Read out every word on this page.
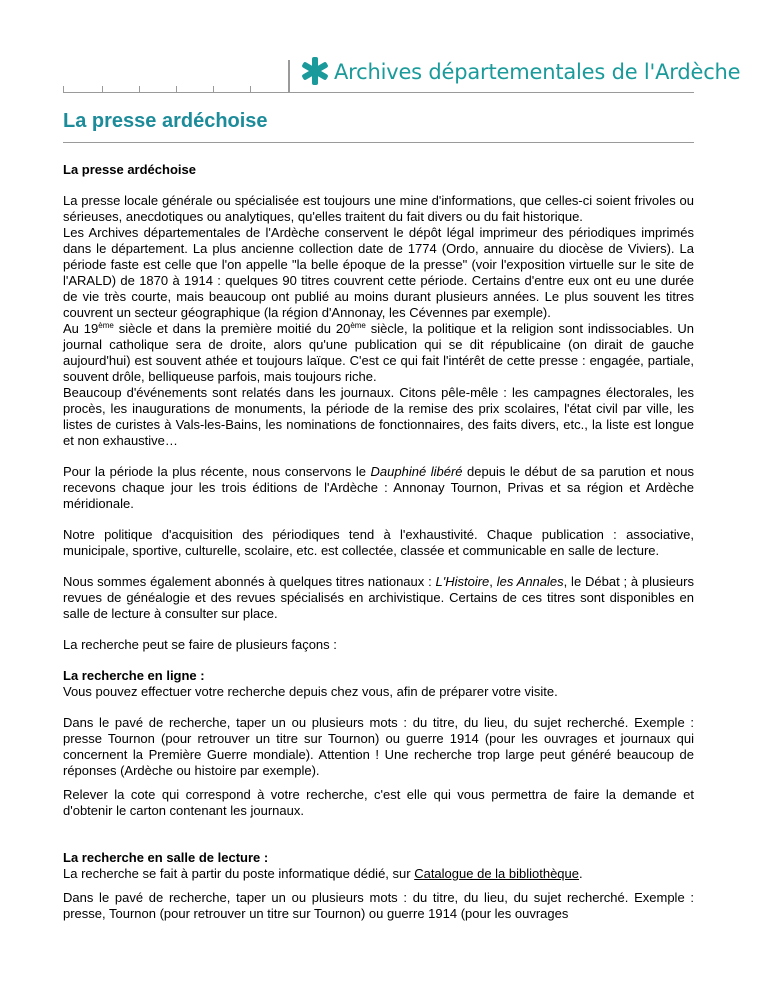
Archives départementales de l'Ardèche
La presse ardéchoise

La presse ardéchoise

La presse locale générale ou spécialisée est toujours une mine d'informations, que celles-ci soient frivoles ou sérieuses, anecdotiques ou analytiques, qu'elles traitent du fait divers ou du fait historique.
Les Archives départementales de l'Ardèche conservent le dépôt légal imprimeur des périodiques imprimés dans le département. La plus ancienne collection date de 1774 (Ordo, annuaire du diocèse de Viviers). La période faste est celle que l'on appelle "la belle époque de la presse" (voir l'exposition virtuelle sur le site de l'ARALD) de 1870 à 1914 : quelques 90 titres couvrent cette période. Certains d'entre eux ont eu une durée de vie très courte, mais beaucoup ont publié au moins durant plusieurs années. Le plus souvent les titres couvrent un secteur géographique (la région d'Annonay, les Cévennes par exemple).
Au 19ème siècle et dans la première moitié du 20ème siècle, la politique et la religion sont indissociables. Un journal catholique sera de droite, alors qu'une publication qui se dit républicaine (on dirait de gauche aujourd'hui) est souvent athée et toujours laïque. C'est ce qui fait l'intérêt de cette presse : engagée, partiale, souvent drôle, belliqueuse parfois, mais toujours riche.
Beaucoup d'événements sont relatés dans les journaux. Citons pêle-mêle : les campagnes électorales, les procès, les inaugurations de monuments, la période de la remise des prix scolaires, l'état civil par ville, les listes de curistes à Vals-les-Bains, les nominations de fonctionnaires, des faits divers, etc., la liste est longue et non exhaustive…

Pour la période la plus récente, nous conservons le Dauphiné libéré depuis le début de sa parution et nous recevons chaque jour les trois éditions de l'Ardèche : Annonay Tournon, Privas et sa région et Ardèche méridionale.

Notre politique d'acquisition des périodiques tend à l'exhaustivité. Chaque publication : associative, municipale, sportive, culturelle, scolaire, etc. est collectée, classée et communicable en salle de lecture.

Nous sommes également abonnés à quelques titres nationaux : L'Histoire, les Annales, le Débat ; à plusieurs revues de généalogie et des revues spécialisés en archivistique. Certains de ces titres sont disponibles en salle de lecture à consulter sur place.

La recherche peut se faire de plusieurs façons :

La recherche en ligne :
Vous pouvez effectuer votre recherche depuis chez vous, afin de préparer votre visite.

Dans le pavé de recherche, taper un ou plusieurs mots : du titre, du lieu, du sujet recherché. Exemple : presse Tournon (pour retrouver un titre sur Tournon) ou guerre 1914 (pour les ouvrages et journaux qui concernent la Première Guerre mondiale). Attention ! Une recherche trop large peut généré beaucoup de réponses (Ardèche ou histoire par exemple).

Relever la cote qui correspond à votre recherche, c'est elle qui vous permettra de faire la demande et d'obtenir le carton contenant les journaux.

La recherche en salle de lecture :
La recherche se fait à partir du poste informatique dédié, sur Catalogue de la bibliothèque.

Dans le pavé de recherche, taper un ou plusieurs mots : du titre, du lieu, du sujet recherché. Exemple : presse, Tournon (pour retrouver un titre sur Tournon) ou guerre 1914 (pour les ouvrages
